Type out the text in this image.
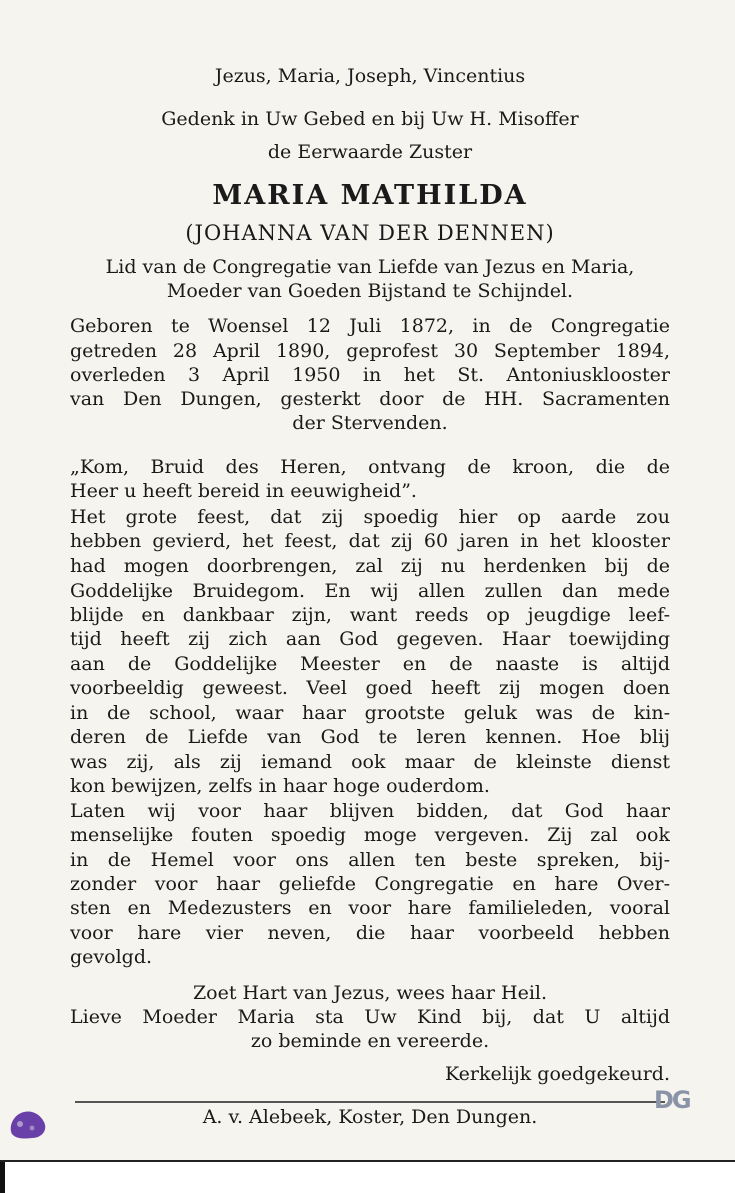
Jezus, Maria, Joseph, Vincentius
Gedenk in Uw Gebed en bij Uw H. Misoffer
de Eerwaarde Zuster
MARIA MATHILDA
(JOHANNA VAN DER DENNEN)
Lid van de Congregatie van Liefde van Jezus en Maria,
Moeder van Goeden Bijstand te Schijndel.
Geboren te Woensel 12 Juli 1872, in de Congregatie
getreden 28 April 1890, geprofest 30 September 1894,
overleden 3 April 1950 in het St. Antoniusklooster
van Den Dungen, gesterkt door de HH. Sacramenten
der Stervenden.
„Kom, Bruid des Heren, ontvang de kroon, die de
Heer u heeft bereid in eeuwigheid”.
Het grote feest, dat zij spoedig hier op aarde zou
hebben gevierd, het feest, dat zij 60 jaren in het klooster
had mogen doorbrengen, zal zij nu herdenken bij de
Goddelijke Bruidegom. En wij allen zullen dan mede
blijde en dankbaar zijn, want reeds op jeugdige leef-
tijd heeft zij zich aan God gegeven. Haar toewijding
aan de Goddelijke Meester en de naaste is altijd
voorbeeldig geweest. Veel goed heeft zij mogen doen
in de school, waar haar grootste geluk was de kin-
deren de Liefde van God te leren kennen. Hoe blij
was zij, als zij iemand ook maar de kleinste dienst
kon bewijzen, zelfs in haar hoge ouderdom.
Laten wij voor haar blijven bidden, dat God haar
menselijke fouten spoedig moge vergeven. Zij zal ook
in de Hemel voor ons allen ten beste spreken, bij-
zonder voor haar geliefde Congregatie en hare Over-
sten en Medezusters en voor hare familieleden, vooral
voor hare vier neven, die haar voorbeeld hebben
gevolgd.
Zoet Hart van Jezus, wees haar Heil.
Lieve Moeder Maria sta Uw Kind bij, dat U altijd
zo beminde en vereerde.
Kerkelijk goedgekeurd.
A. v. Alebeek, Koster, Den Dungen.
DG
